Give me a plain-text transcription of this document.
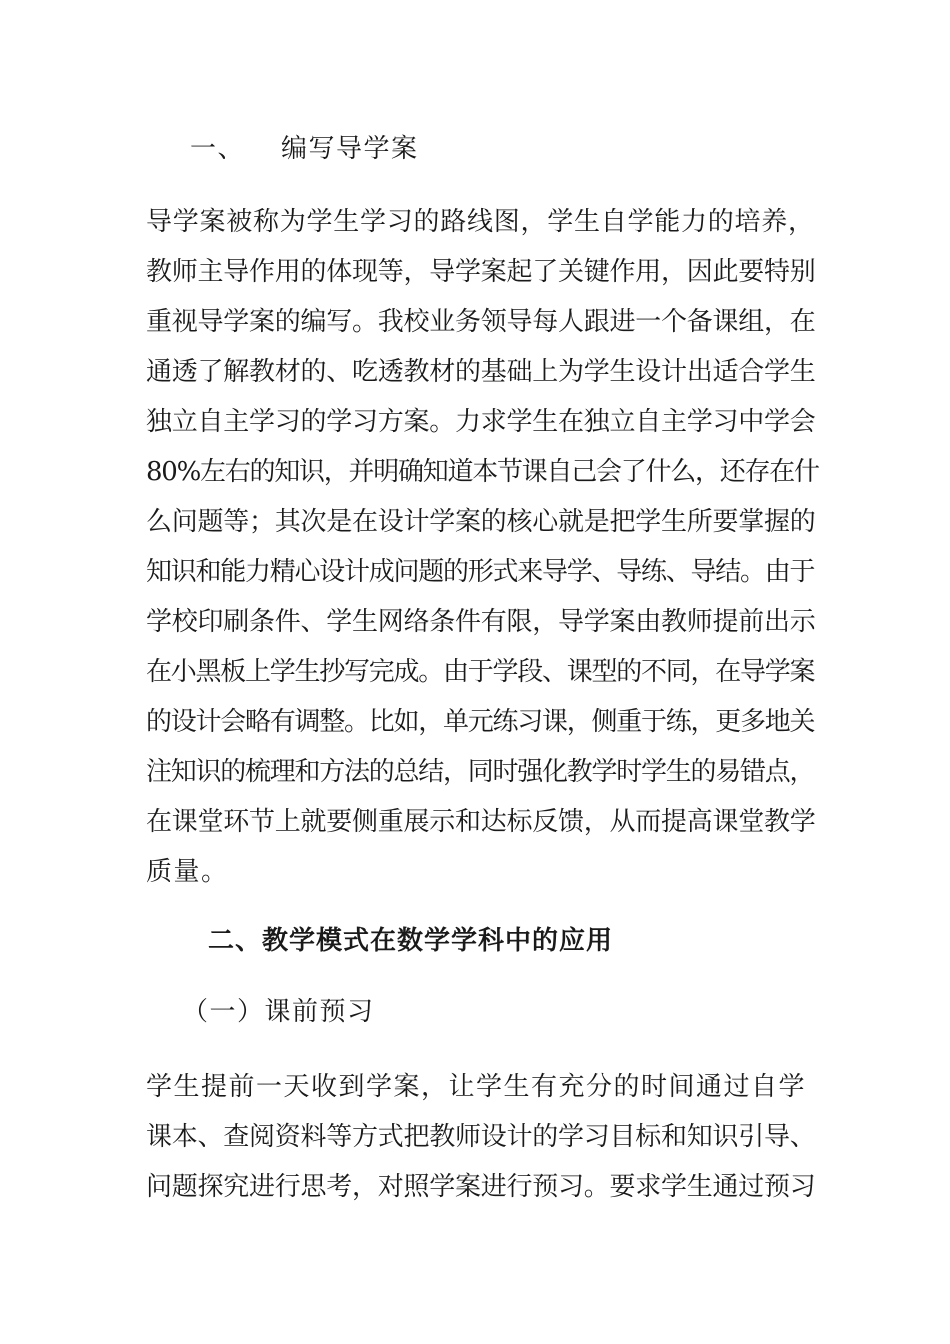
一、 编写导学案
导学案被称为学生学习的路线图，学生自学能力的培养，
教师主导作用的体现等，导学案起了关键作用，因此要特别
重视导学案的编写。我校业务领导每人跟进一个备课组，在
通透了解教材的、吃透教材的基础上为学生设计出适合学生
独立自主学习的学习方案。力求学生在独立自主学习中学会
80%左右的知识，并明确知道本节课自己会了什么，还存在什
么问题等；其次是在设计学案的核心就是把学生所要掌握的
知识和能力精心设计成问题的形式来导学、导练、导结。由于
学校印刷条件、学生网络条件有限，导学案由教师提前出示
在小黑板上学生抄写完成。由于学段、课型的不同，在导学案
的设计会略有调整。比如，单元练习课，侧重于练，更多地关
注知识的梳理和方法的总结，同时强化教学时学生的易错点，
在课堂环节上就要侧重展示和达标反馈，从而提高课堂教学
质量。
二、教学模式在数学学科中的应用
（一）课前预习
学生提前一天收到学案，让学生有充分的时间通过自学
课本、查阅资料等方式把教师设计的学习目标和知识引导、
问题探究进行思考，对照学案进行预习。要求学生通过预习
